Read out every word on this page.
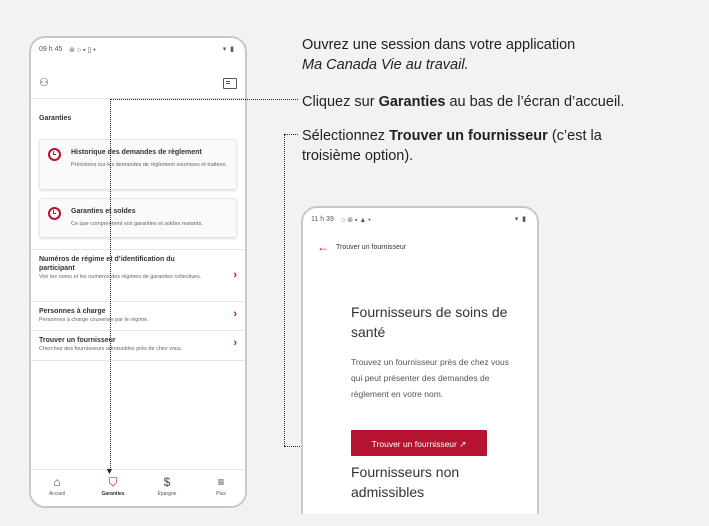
09 h 45 ⊚ ○ ▪ ▯ •	▾ ▮
⚇
Garanties
Historique des demandes de règlement
Précisions sur les demandes de règlement soumises et traitées.
Garanties et soldes
Ce que comprennent vos garanties et soldes restants.
Numéros de régime et d’identification du participant
Voir les noms et les numéros des régimes de garanties collectives.	›
Personnes à charge
Personnes à charge couvertes par le régime.	›
Trouver un fournisseur
Cherchez des fournisseurs admissibles près de chez vous.	›
⌂
Accueil
⛉
Garanties
$
Épargne
≡
Plus
Ouvrez une session dans votre application
Ma Canada Vie au travail.
Cliquez sur Garanties au bas de l’écran d’accueil.
Sélectionnez Trouver un fournisseur (c’est la
troisième option).
▼
11 h 39 ○ ⊚ ▪ ▲ •	▾ ▮
← Trouver un fournisseur
Fournisseurs de soins de santé
Trouvez un fournisseur près de chez vous qui peut présenter des demandes de règlement en votre nom.
Trouver un fournisseur ↗
Fournisseurs non admissibles
